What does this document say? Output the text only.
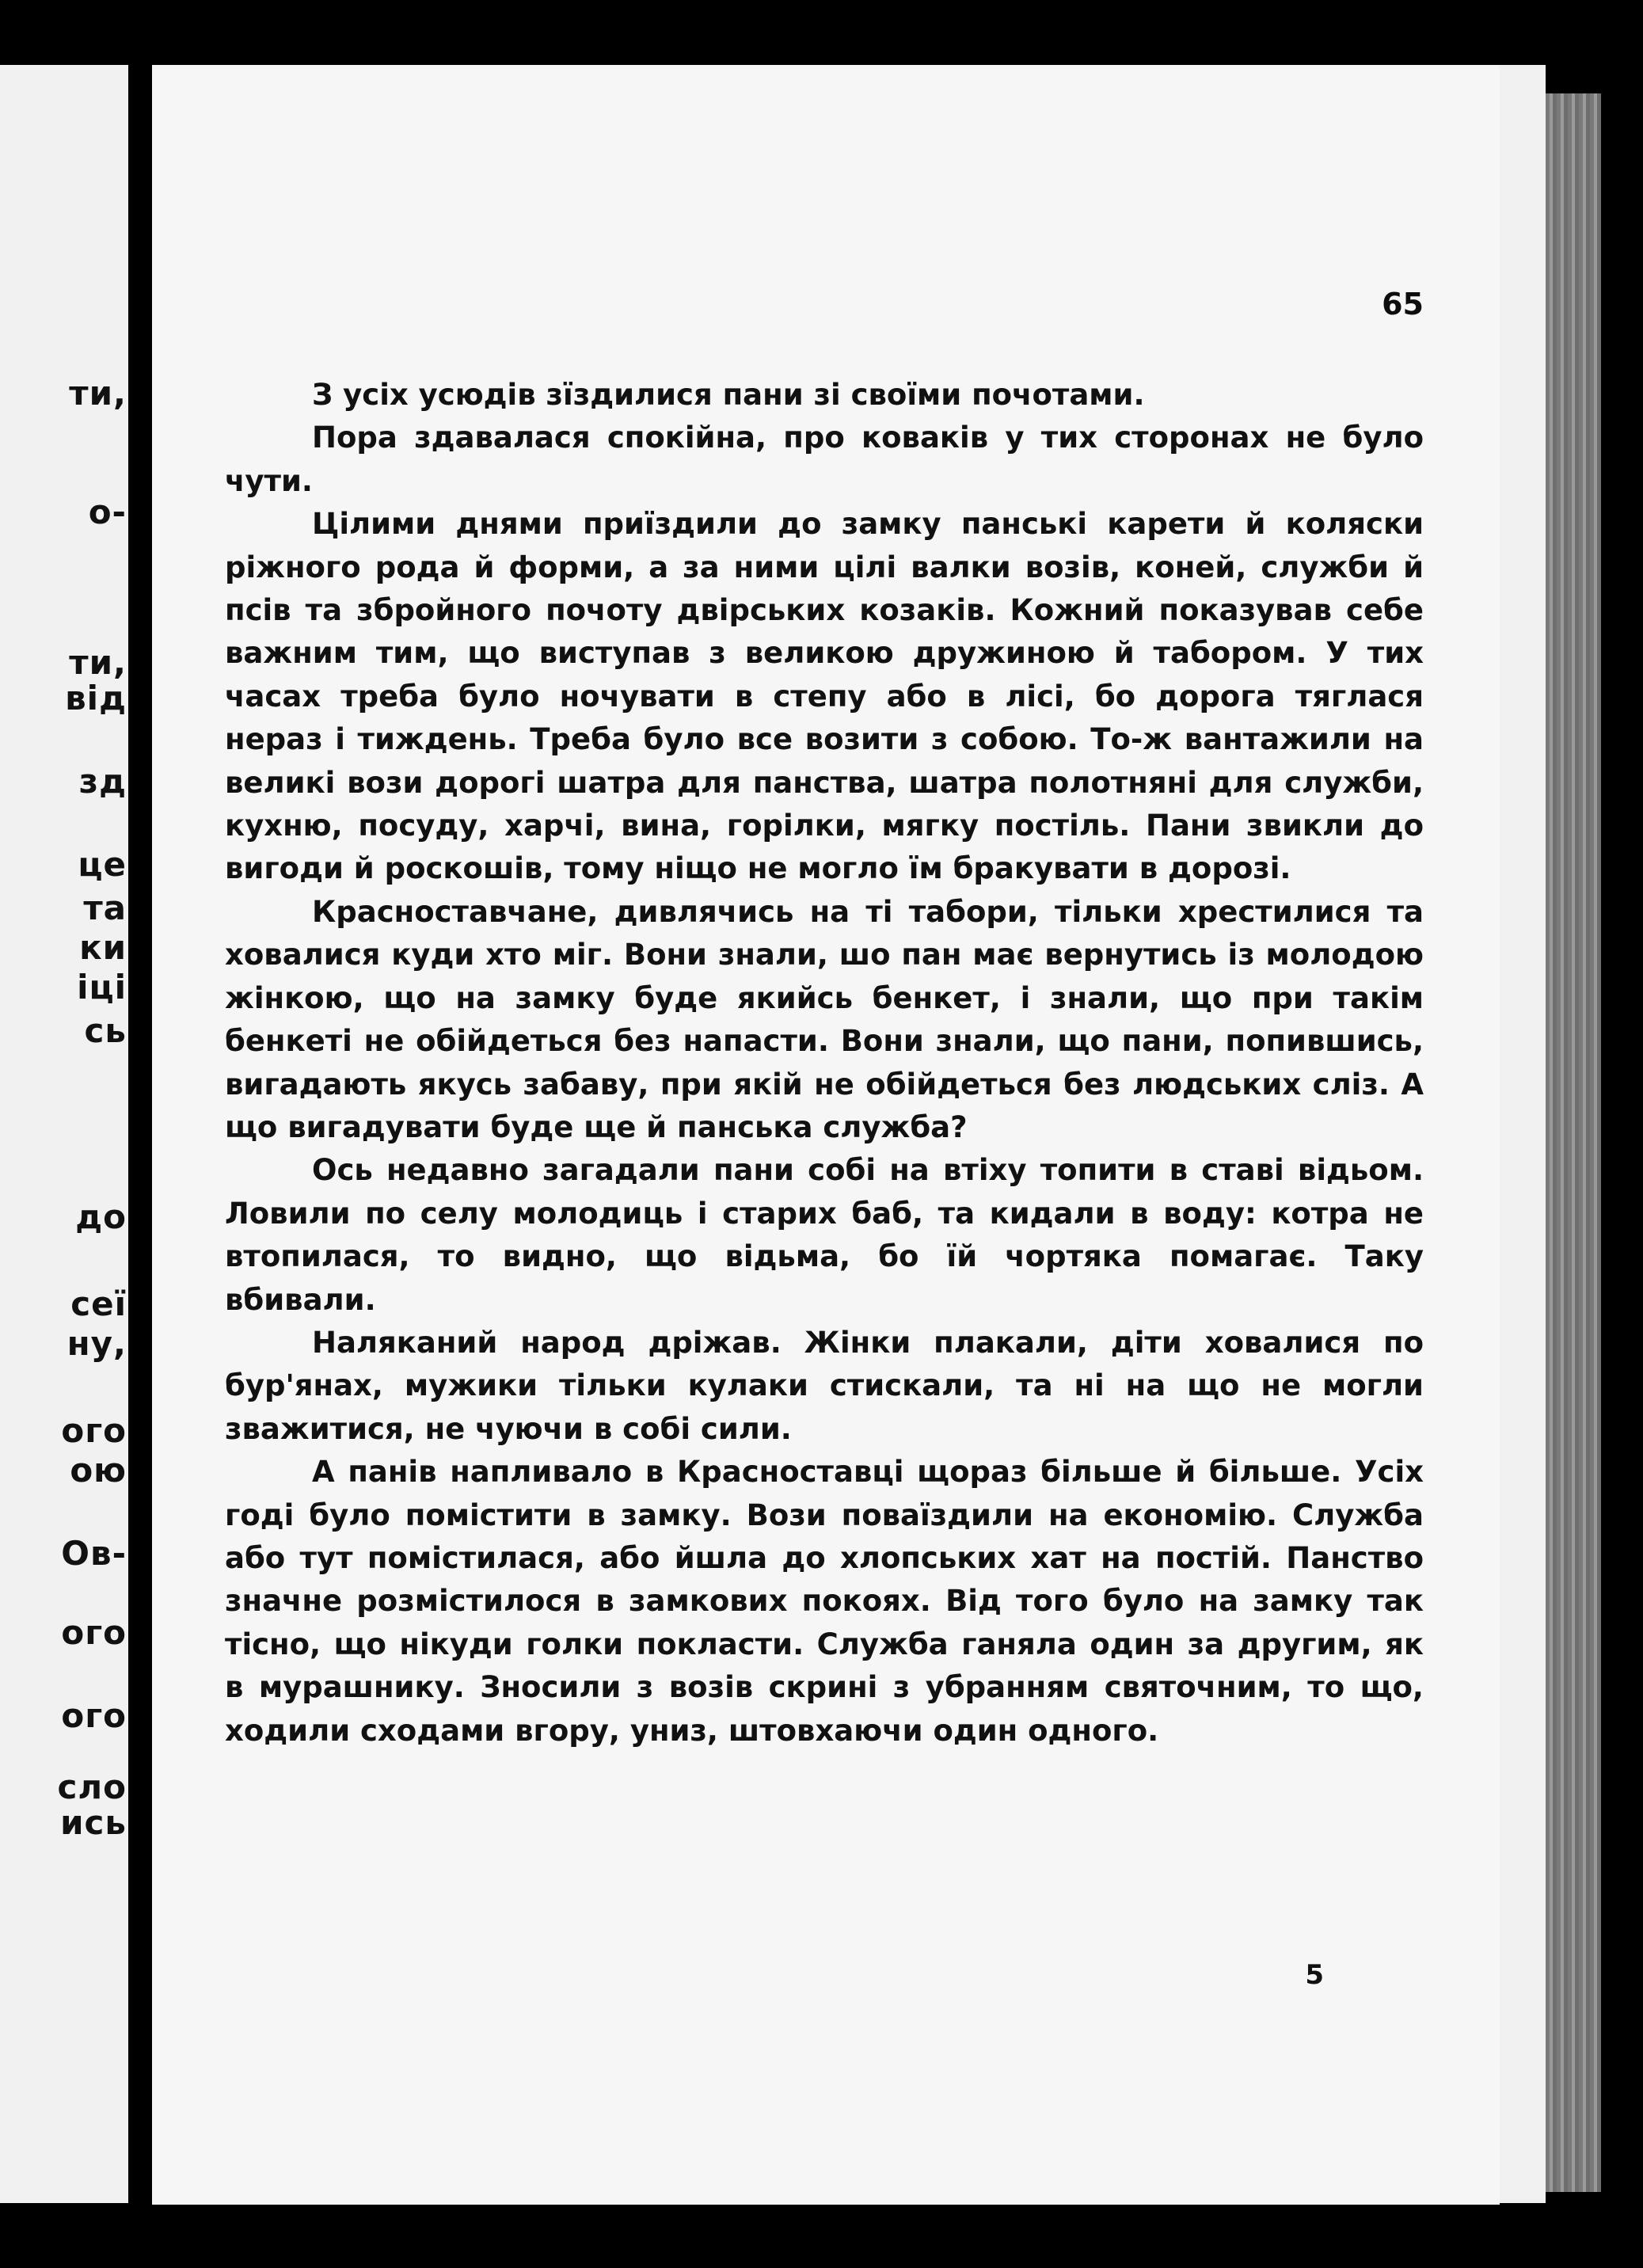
ти,
о-
ти,
від
зд
це
та
ки
іці
сь
до
сеї
ну,
ого
ою
Ов-
ого
ого
сло
ись
65

З усіх усюдів зїздилися пани зі своїми почотами.

Пора здавалася спокійна, про ковакiв у тих сторонах не було чути.

Цілими днями приїздили до замку панські карети й коляски ріжного рода й форми, а за ними цілі валки возів, коней, служби й псів та збройного почоту двірських козаків. Кожний показував себе важним тим, що виступав з великою дружиною й табором. У тих часах треба було ночувати в степу або в лісі, бо дорога тяглася нераз і тиждень. Треба було все возити з собою. То-ж вантажили на великі вози дорогі шатра для панства, шатра полотняні для служби, кухню, посуду, харчі, вина, горілки, мягку постіль. Пани звикли до вигоди й роскошів, тому ніщо не могло їм бракувати в дорозі.

Красноставчане, дивлячись на ті табори, тільки хрестилися та ховалися куди хто міг. Вони знали, шо пан має вернутись із молодою жінкою, що на замку буде якийсь бенкет, і знали, що при такім бенкеті не обійдеться без напасти. Вони знали, що пани, попившись, вигадають якусь забаву, при якій не обійдеться без людських сліз. А що вигадувати буде ще й панська служба?

Ось недавно загадали пани собі на втіху топити в ставі відьом. Ловили по селу молодиць і старих баб, та кидали в воду: котра не втопилася, то видно, що відьма, бо їй чортяка помагає. Таку вбивали.

Наляканий народ дріжав. Жінки плакали, діти ховалися по бур'янах, мужики тільки кулаки стискали, та ні на що не могли зважитися, не чуючи в собі сили.

А панів напливало в Красноставці щораз більше й більше. Усіх годі було помістити в замку. Вози поваїздили на економію. Служба або тут помістилася, або йшла до хлопських хат на постій. Панство значне розмістилося в замкових покоях. Від того було на замку так тісно, що нікуди голки покласти. Служба ганяла один за другим, як в мурашнику. Зносили з возів скрині з убранням святочним, то що, ходили сходами вгору, униз, штовхаючи один одного.

5
